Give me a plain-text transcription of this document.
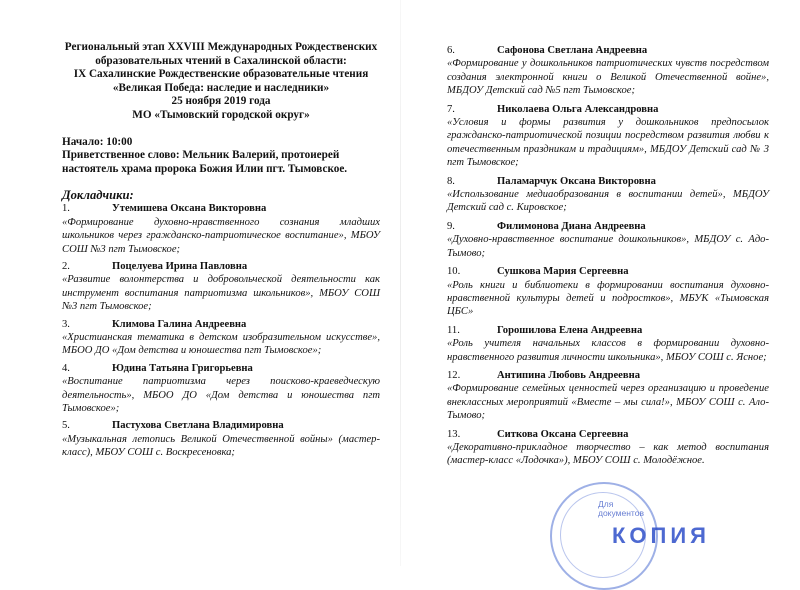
Региональный этап XXVIII Международных Рождественских
образовательных чтений в Сахалинской области:
IX Сахалинские Рождественские образовательные чтения
«Великая Победа: наследие и наследники»
25 ноября 2019 года
МО «Тымовский городской округ»
Начало: 10:00
Приветственное слово: Мельник Валерий, протоиерей
настоятель храма пророка Божия Илии пгт. Тымовское.
Докладчики:
1.	Утемишева Оксана Викторовна
«Формирование духовно-нравственного сознания младших школьников через гражданско-патриотическое воспитание», МБОУ СОШ №3 пгт Тымовское;
2.	Поцелуева Ирина Павловна
«Развитие волонтерства и добровольческой деятельности как инструмент воспитания патриотизма школьников», МБОУ СОШ №3 пгт Тымовское;
3.	Климова Галина Андреевна
«Христианская тематика в детском изобразительном искусстве», МБОО ДО «Дом детства и юношества пгт Тымовское»;
4.	Юдина Татьяна Григорьевна
«Воспитание патриотизма через поисково-краеведческую деятельность», МБОО ДО «Дом детства и юношества пгт Тымовское»;
5.	Пастухова Светлана Владимировна
«Музыкальная летопись Великой Отечественной войны» (мастер-класс), МБОУ СОШ с. Воскресеновка;
6.	Сафонова Светлана Андреевна
«Формирование у дошкольников патриотических чувств посредством создания электронной книги о Великой Отечественной войне», МБДОУ Детский сад №5 пгт Тымовское;
7.	Николаева Ольга Александровна
«Условия и формы развития у дошкольников предпосылок гражданско-патриотической позиции посредством развития любви к отечественным праздникам и традициям», МБДОУ Детский сад № 3 пгт Тымовское;
8.	Паламарчук Оксана Викторовна
«Использование медиаобразования в воспитании детей», МБДОУ Детский сад с. Кировское;
9.	Филимонова Диана Андреевна
«Духовно-нравственное воспитание дошкольников», МБДОУ с. Адо-Тымово;
10.	Сушкова Мария Сергеевна
«Роль книги и библиотеки в формировании воспитания духовно-нравственной культуры детей и подростков», МБУК «Тымовская ЦБС»
11.	Горошилова Елена Андреевна
«Роль учителя начальных классов в формировании духовно-нравственного развития личности школьника», МБОУ СОШ с. Ясное;
12.	Антипина Любовь Андреевна
«Формирование семейных ценностей через организацию и проведение внеклассных мероприятий «Вместе – мы сила!», МБОУ СОШ с. Ало-Тымово;
13.	Ситкова Оксана Сергеевна
«Декоративно-прикладное творчество – как метод воспитания (мастер-класс «Лодочка»), МБОУ СОШ с. Молодёжное.
Для
документов
КОПИЯ
